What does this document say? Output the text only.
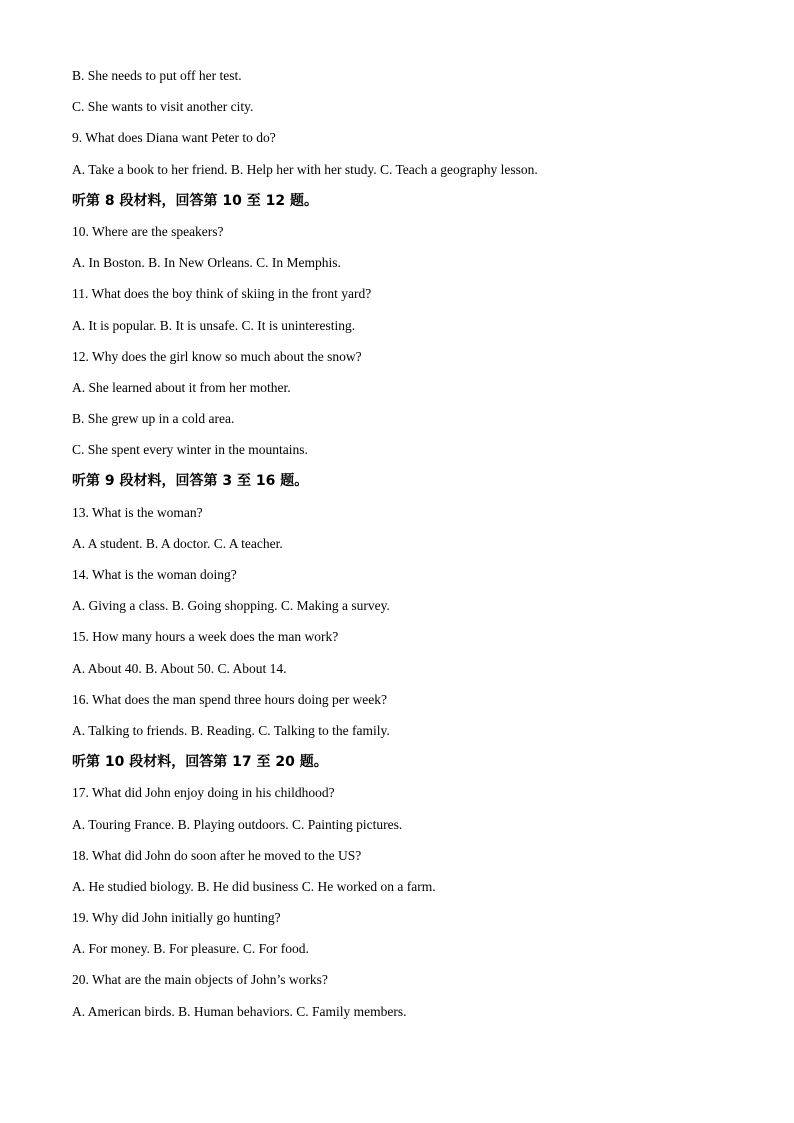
B. She needs to put off her test.
C. She wants to visit another city.
9. What does Diana want Peter to do?
A. Take a book to her friend. B. Help her with her study. C. Teach a geography lesson.
听第 8 段材料，回答第 10 至 12 题。
10. Where are the speakers?
A. In Boston. B. In New Orleans. C. In Memphis.
11. What does the boy think of skiing in the front yard?
A. It is popular. B. It is unsafe. C. It is uninteresting.
12. Why does the girl know so much about the snow?
A. She learned about it from her mother.
B. She grew up in a cold area.
C. She spent every winter in the mountains.
听第 9 段材料，回答第 3 至 16 题。
13. What is the woman?
A. A student. B. A doctor. C. A teacher.
14. What is the woman doing?
A. Giving a class. B. Going shopping. C. Making a survey.
15. How many hours a week does the man work?
A. About 40. B. About 50. C. About 14.
16. What does the man spend three hours doing per week?
A. Talking to friends. B. Reading. C. Talking to the family.
听第 10 段材料，回答第 17 至 20 题。
17. What did John enjoy doing in his childhood?
A. Touring France. B. Playing outdoors. C. Painting pictures.
18. What did John do soon after he moved to the US?
A. He studied biology. B. He did business C. He worked on a farm.
19. Why did John initially go hunting?
A. For money. B. For pleasure. C. For food.
20. What are the main objects of John’s works?
A. American birds. B. Human behaviors. C. Family members.
